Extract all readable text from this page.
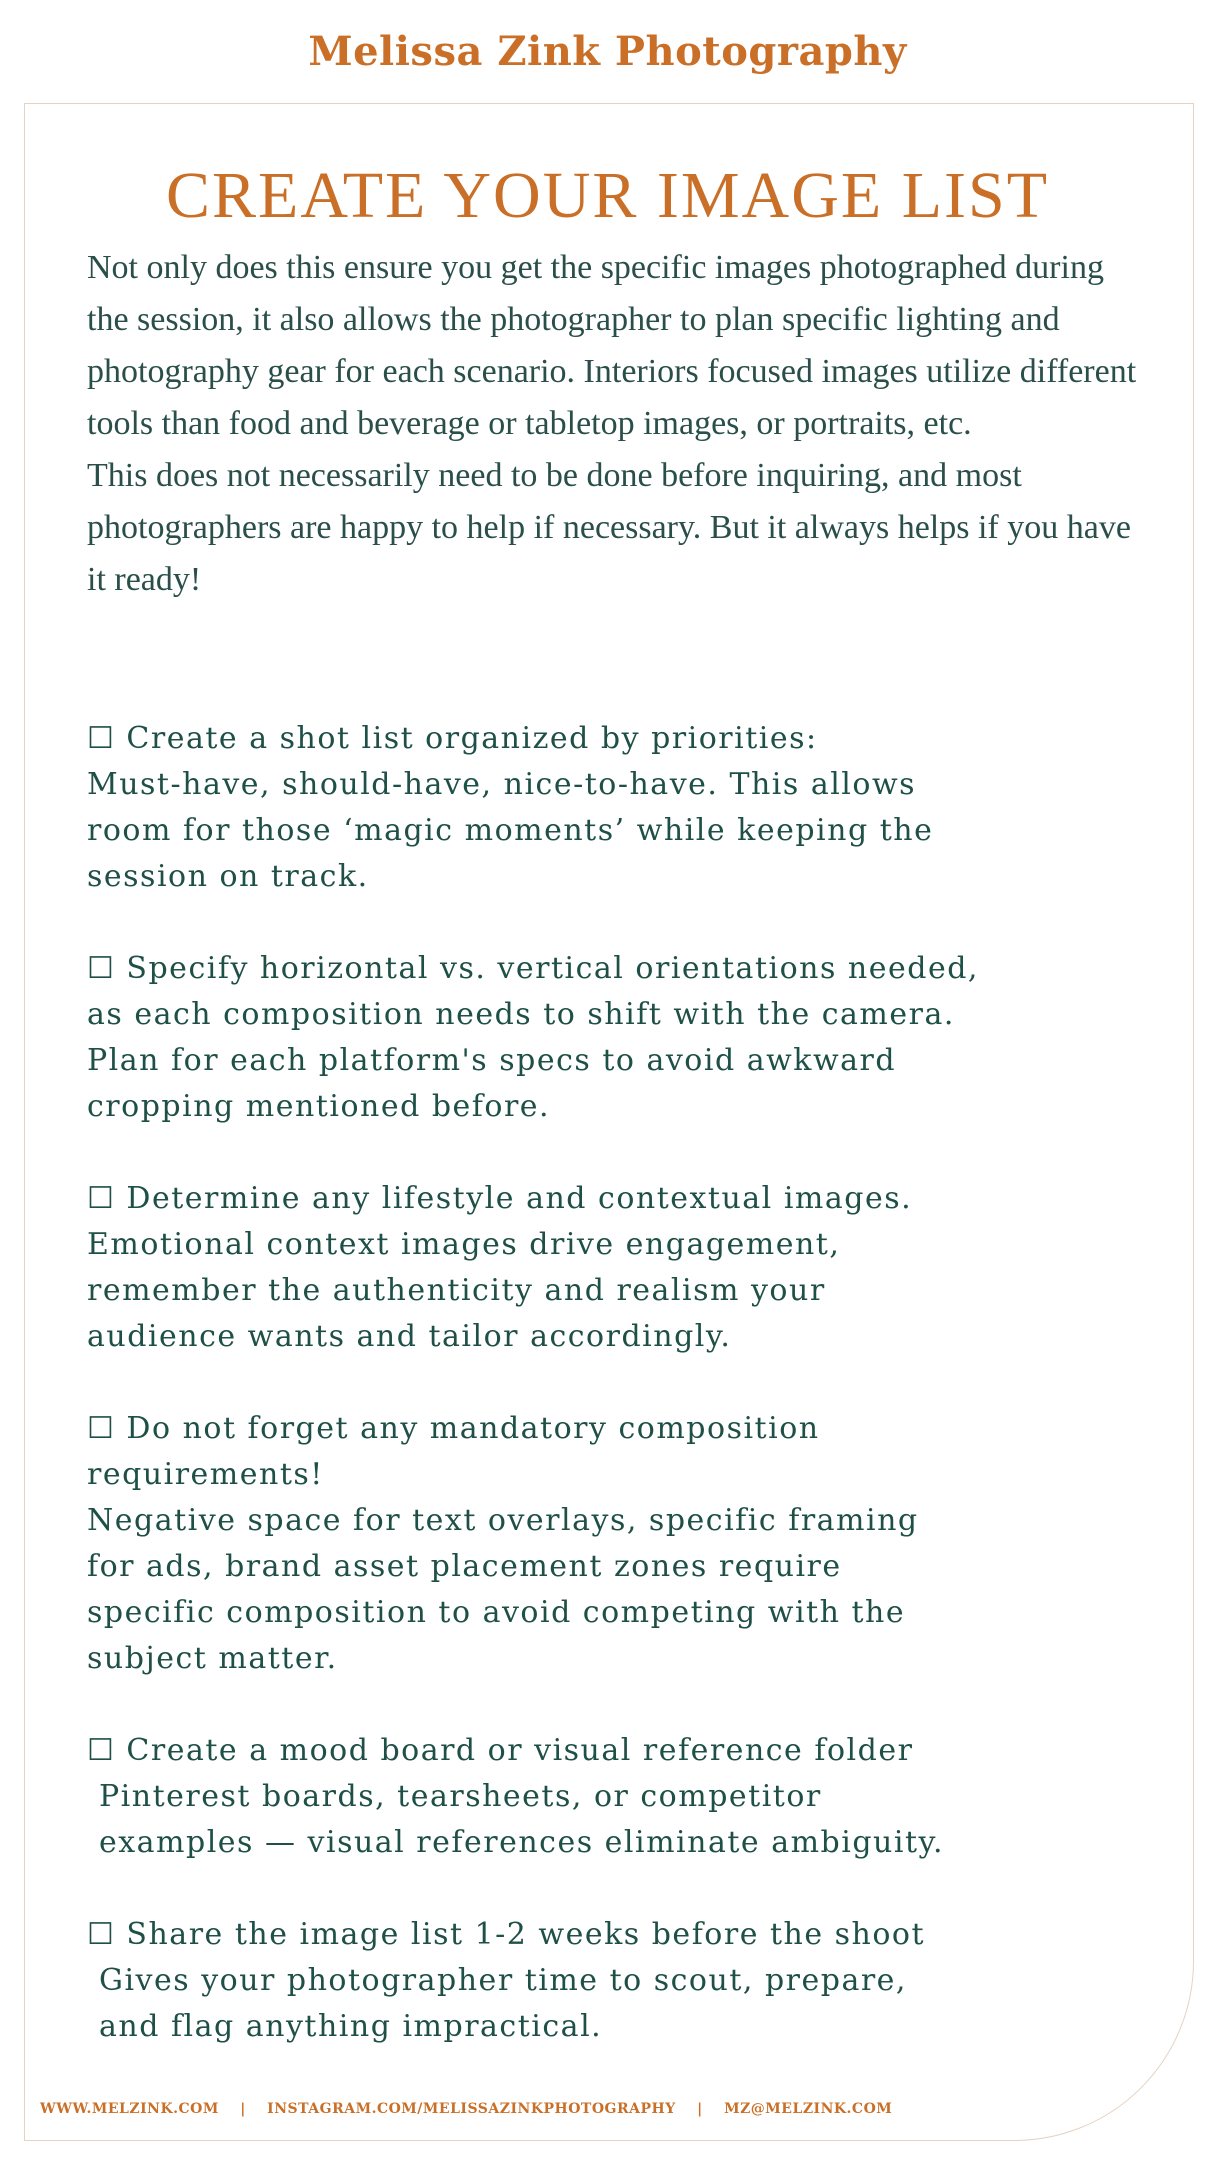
Melissa Zink Photography
CREATE YOUR IMAGE LIST

Not only does this ensure you get the specific images photographed during the session, it also allows the photographer to plan specific lighting and photography gear for each scenario. Interiors focused images utilize different tools than food and beverage or tabletop images, or portraits, etc.

This does not necessarily need to be done before inquiring, and most photographers are happy to help if necessary. But it always helps if you have it ready!

☐ Create a shot list organized by priorities:
Must-have, should-have, nice-to-have. This allows
room for those ‘magic moments’ while keeping the
session on track.
☐ Specify horizontal vs. vertical orientations needed,
as each composition needs to shift with the camera.
Plan for each platform's specs to avoid awkward
cropping mentioned before.
☐ Determine any lifestyle and contextual images.
Emotional context images drive engagement,
remember the authenticity and realism your
audience wants and tailor accordingly.
☐ Do not forget any mandatory composition
requirements!
Negative space for text overlays, specific framing
for ads, brand asset placement zones require
specific composition to avoid competing with the
subject matter.
☐ Create a mood board or visual reference folder
Pinterest boards, tearsheets, or competitor
examples — visual references eliminate ambiguity.
☐ Share the image list 1-2 weeks before the shoot
Gives your photographer time to scout, prepare,
and flag anything impractical.
WWW.MELZINK.COM | INSTAGRAM.COM/MELISSAZINKPHOTOGRAPHY | MZ@MELZINK.COM
